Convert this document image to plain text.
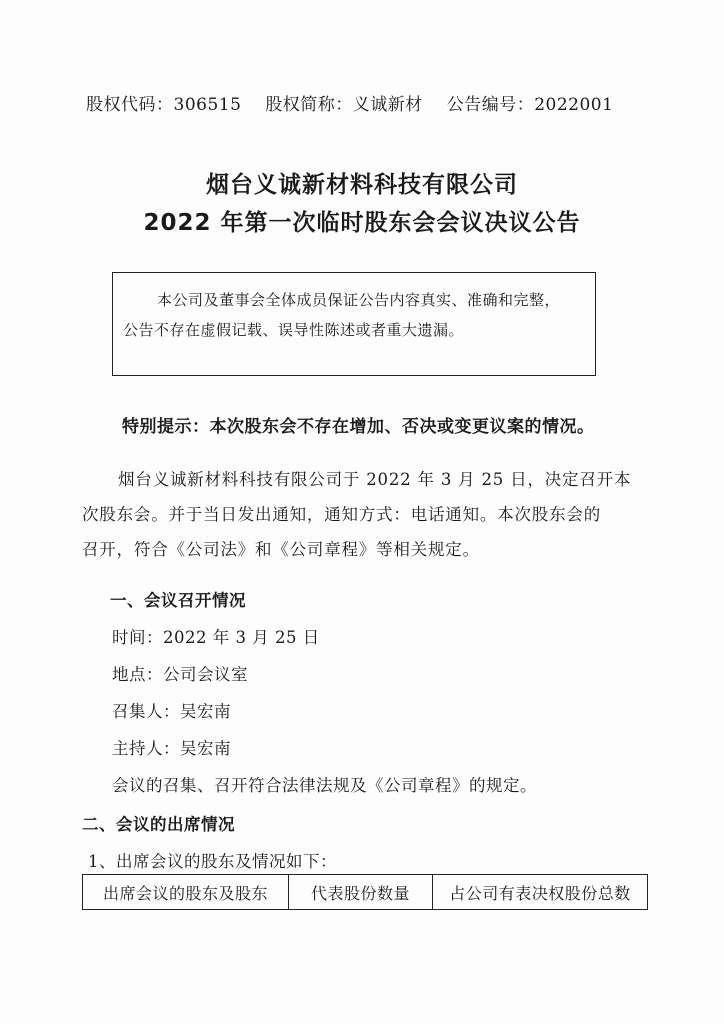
股权代码：306515 股权简称：义诚新材 公告编号：2022001
烟台义诚新材料科技有限公司
2022 年第一次临时股东会会议决议公告
本公司及董事会全体成员保证公告内容真实、准确和完整，
公告不存在虚假记载、误导性陈述或者重大遗漏。
特别提示：本次股东会不存在增加、否决或变更议案的情况。
烟台义诚新材料科技有限公司于 2022 年 3 月 25 日，决定召开本
次股东会。并于当日发出通知，通知方式：电话通知。本次股东会的
召开，符合《公司法》和《公司章程》等相关规定。
一、会议召开情况
时间：2022 年 3 月 25 日
地点：公司会议室
召集人：吴宏南
主持人：吴宏南
会议的召集、召开符合法律法规及《公司章程》的规定。
二、会议的出席情况
1、出席会议的股东及情况如下：
出席会议的股东及股东	代表股份数量	占公司有表决权股份总数
